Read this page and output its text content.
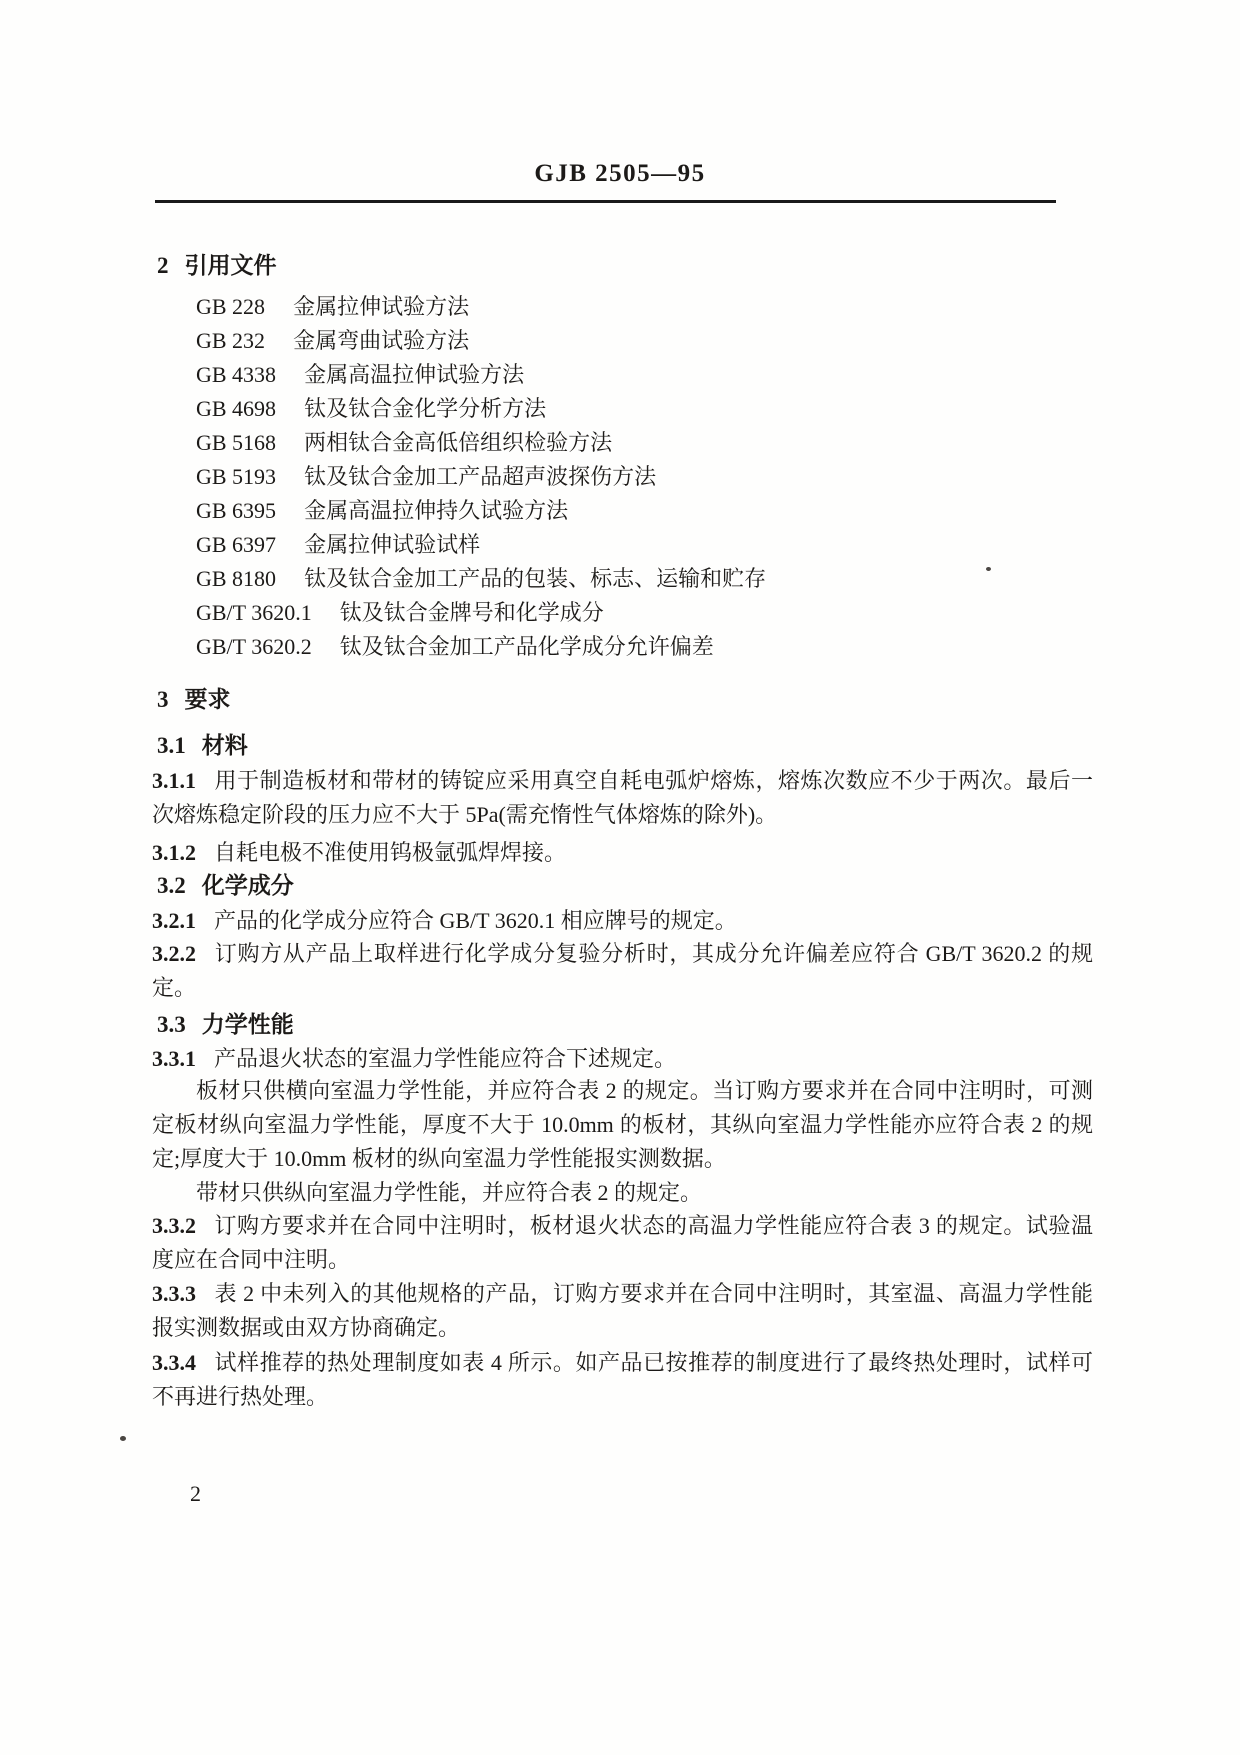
GJB 2505—95
2 引用文件
GB 228 金属拉伸试验方法
GB 232 金属弯曲试验方法
GB 4338 金属高温拉伸试验方法
GB 4698 钛及钛合金化学分析方法
GB 5168 两相钛合金高低倍组织检验方法
GB 5193 钛及钛合金加工产品超声波探伤方法
GB 6395 金属高温拉伸持久试验方法
GB 6397 金属拉伸试验试样
GB 8180 钛及钛合金加工产品的包装、标志、运输和贮存
GB/T 3620.1 钛及钛合金牌号和化学成分
GB/T 3620.2 钛及钛合金加工产品化学成分允许偏差
3 要求
3.1 材料

3.1.1 用于制造板材和带材的铸锭应采用真空自耗电弧炉熔炼，熔炼次数应不少于两次。最后一次熔炼稳定阶段的压力应不大于 5Pa(需充惰性气体熔炼的除外)。

3.1.2 自耗电极不准使用钨极氩弧焊焊接。

3.2 化学成分

3.2.1 产品的化学成分应符合 GB/T 3620.1 相应牌号的规定。

3.2.2 订购方从产品上取样进行化学成分复验分析时，其成分允许偏差应符合 GB/T 3620.2 的规定。

3.3 力学性能

3.3.1 产品退火状态的室温力学性能应符合下述规定。

板材只供横向室温力学性能，并应符合表 2 的规定。当订购方要求并在合同中注明时，可测定板材纵向室温力学性能，厚度不大于 10.0mm 的板材，其纵向室温力学性能亦应符合表 2 的规定;厚度大于 10.0mm 板材的纵向室温力学性能报实测数据。

带材只供纵向室温力学性能，并应符合表 2 的规定。

3.3.2 订购方要求并在合同中注明时，板材退火状态的高温力学性能应符合表 3 的规定。试验温度应在合同中注明。

3.3.3 表 2 中未列入的其他规格的产品，订购方要求并在合同中注明时，其室温、高温力学性能报实测数据或由双方协商确定。

3.3.4 试样推荐的热处理制度如表 4 所示。如产品已按推荐的制度进行了最终热处理时，试样可不再进行热处理。

2
